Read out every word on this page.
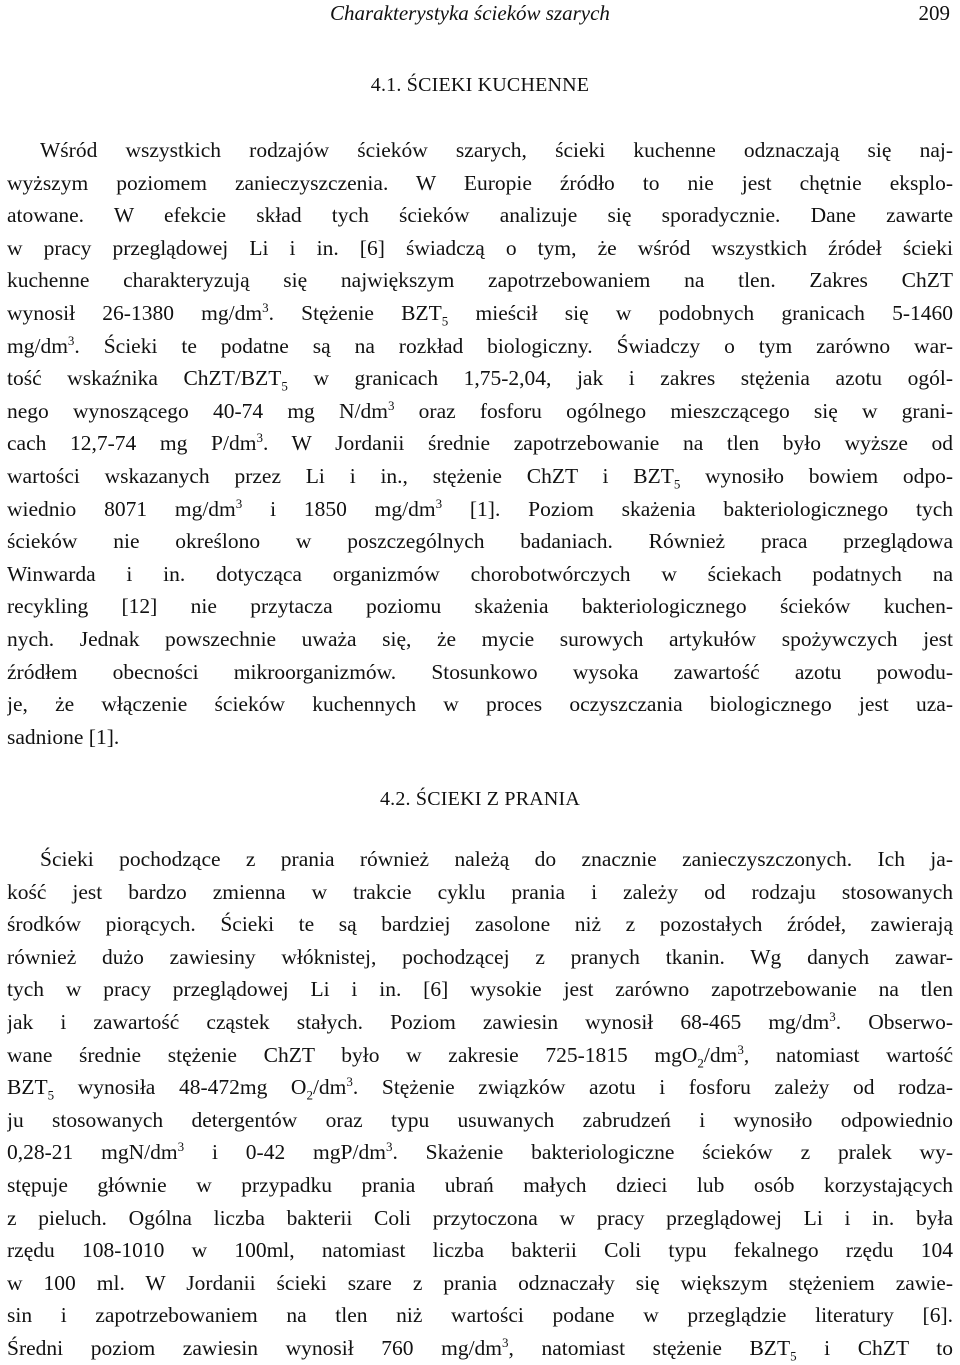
Charakterystyka ścieków szarych	209
4.1. ŚCIEKI KUCHENNE
Wśród wszystkich rodzajów ścieków szarych, ścieki kuchenne odznaczają się naj-
wyższym poziomem zanieczyszczenia. W Europie źródło to nie jest chętnie eksplo-
atowane. W efekcie skład tych ścieków analizuje się sporadycznie. Dane zawarte
w pracy przeglądowej Li i in. [6] świadczą o tym, że wśród wszystkich źródeł ścieki
kuchenne charakteryzują się największym zapotrzebowaniem na tlen. Zakres ChZT
wynosił 26-1380 $mg/dm^3$. Stężenie $BZT_5$ mieścił się w podobnych granicach 5-1460
$mg/dm^3$. Ścieki te podatne są na rozkład biologiczny. Świadczy o tym zarówno war-
tość wskaźnika ChZT/$BZT_5$ w granicach 1,75-2,04, jak i zakres stężenia azotu ogól-
nego wynoszącego 40-74 mg $N/dm^3$ oraz fosforu ogólnego mieszczącego się w grani-
cach 12,7-74 mg $P/dm^3$. W Jordanii średnie zapotrzebowanie na tlen było wyższe od
wartości wskazanych przez Li i in., stężenie ChZT i $BZT_5$ wynosiło bowiem odpo-
wiednio 8071 $mg/dm^3$ i 1850 $mg/dm^3$ [1]. Poziom skażenia bakteriologicznego tych
ścieków nie określono w poszczególnych badaniach. Również praca przeglądowa
Winwarda i in. dotycząca organizmów chorobotwórczych w ściekach podatnych na
recykling [12] nie przytacza poziomu skażenia bakteriologicznego ścieków kuchen-
nych. Jednak powszechnie uważa się, że mycie surowych artykułów spożywczych jest
źródłem obecności mikroorganizmów. Stosunkowo wysoka zawartość azotu powodu-
je, że włączenie ścieków kuchennych w proces oczyszczania biologicznego jest uza-
sadnione [1].
4.2. ŚCIEKI Z PRANIA
Ścieki pochodzące z prania również należą do znacznie zanieczyszczonych. Ich ja-
kość jest bardzo zmienna w trakcie cyklu prania i zależy od rodzaju stosowanych
środków piorących. Ścieki te są bardziej zasolone niż z pozostałych źródeł, zawierają
również dużo zawiesiny włóknistej, pochodzącej z pranych tkanin. Wg danych zawar-
tych w pracy przeglądowej Li i in. [6] wysokie jest zarówno zapotrzebowanie na tlen
jak i zawartość cząstek stałych. Poziom zawiesin wynosił 68-465 $mg/dm^3$. Obserwo-
wane średnie stężenie ChZT było w zakresie 725-1815 $mgO_2/dm^3$, natomiast wartość
$BZT_5$ wynosiła 48-472mg $O_2/dm^3$. Stężenie związków azotu i fosforu zależy od rodza-
ju stosowanych detergentów oraz typu usuwanych zabrudzeń i wynosiło odpowiednio
0,28-21 mgN/$dm^3$ i 0-42 mgP/$dm^3$. Skażenie bakteriologiczne ścieków z pralek wy-
stępuje głównie w przypadku prania ubrań małych dzieci lub osób korzystających
z pieluch. Ogólna liczba bakterii Coli przytoczona w pracy przeglądowej Li i in. była
rzędu 108-1010 w 100ml, natomiast liczba bakterii Coli typu fekalnego rzędu 104
w 100 ml. W Jordanii ścieki szare z prania odznaczały się większym stężeniem zawie-
sin i zapotrzebowaniem na tlen niż wartości podane w przeglądzie literatury [6].
Średni poziom zawiesin wynosił 760 $mg/dm^3$, natomiast stężenie $BZT_5$ i ChZT to
